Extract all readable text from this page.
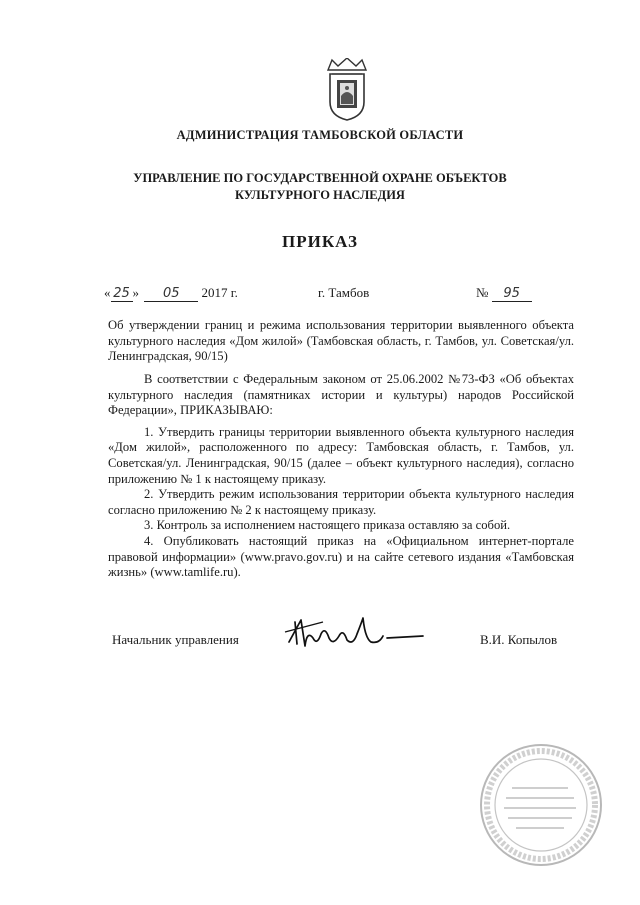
АДМИНИСТРАЦИЯ ТАМБОВСКОЙ ОБЛАСТИ
УПРАВЛЕНИЕ ПО ГОСУДАРСТВЕННОЙ ОХРАНЕ ОБЪЕКТОВ
КУЛЬТУРНОГО НАСЛЕДИЯ
ПРИКАЗ
« 25 » 05 2017 г.	г. Тамбов	№ 95
Об утверждении границ и режима использования территории выявленного объекта культурного наследия «Дом жилой» (Тамбовская область, г. Тамбов, ул. Советская/ул. Ленинградская, 90/15)

В соответствии с Федеральным законом от 25.06.2002 №73-ФЗ «Об объектах культурного наследия (памятниках истории и культуры) народов Российской Федерации», ПРИКАЗЫВАЮ:

1. Утвердить границы территории выявленного объекта культурного наследия «Дом жилой», расположенного по адресу: Тамбовская область, г. Тамбов, ул. Советская/ул. Ленинградская, 90/15 (далее – объект культурного наследия), согласно приложению № 1 к настоящему приказу.

2. Утвердить режим использования территории объекта культурного наследия согласно приложению № 2 к настоящему приказу.

3. Контроль за исполнением настоящего приказа оставляю за собой.

4. Опубликовать настоящий приказ на «Официальном интернет-портале правовой информации» (www.pravo.gov.ru) и на сайте сетевого издания «Тамбовская жизнь» (www.tamlife.ru).

Начальник управления	В.И. Копылов
